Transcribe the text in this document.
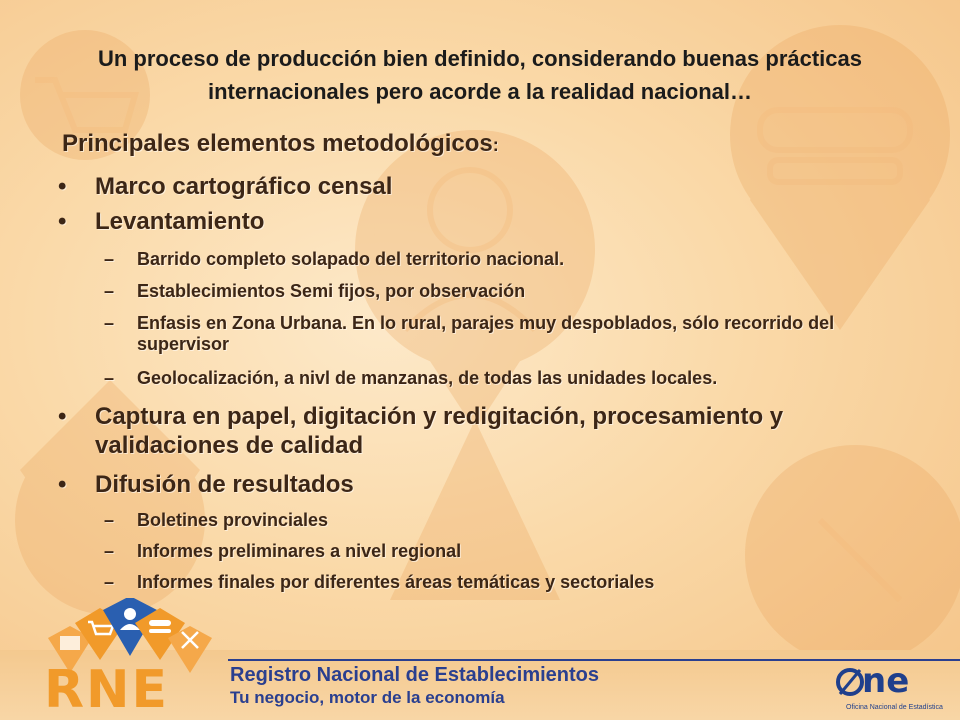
Un proceso de producción bien definido, considerando buenas prácticas internacionales pero acorde a la realidad nacional…
Principales elementos metodológicos:
• Marco cartográfico censal
• Levantamiento
– Barrido completo solapado del territorio nacional.
– Establecimientos Semi fijos, por observación
– Enfasis en Zona Urbana. En lo rural, parajes muy despoblados, sólo recorrido del supervisor
– Geolocalización, a nivl de manzanas, de todas las unidades locales.
• Captura en papel, digitación y redigitación, procesamiento y validaciones de calidad
• Difusión de resultados
– Boletines provinciales
– Informes preliminares a nivel regional
– Informes finales por diferentes áreas temáticas y sectoriales
RNE	Registro Nacional de Establecimientos
Tu negocio, motor de la economía	ne
Oficina Nacional de Estadística
